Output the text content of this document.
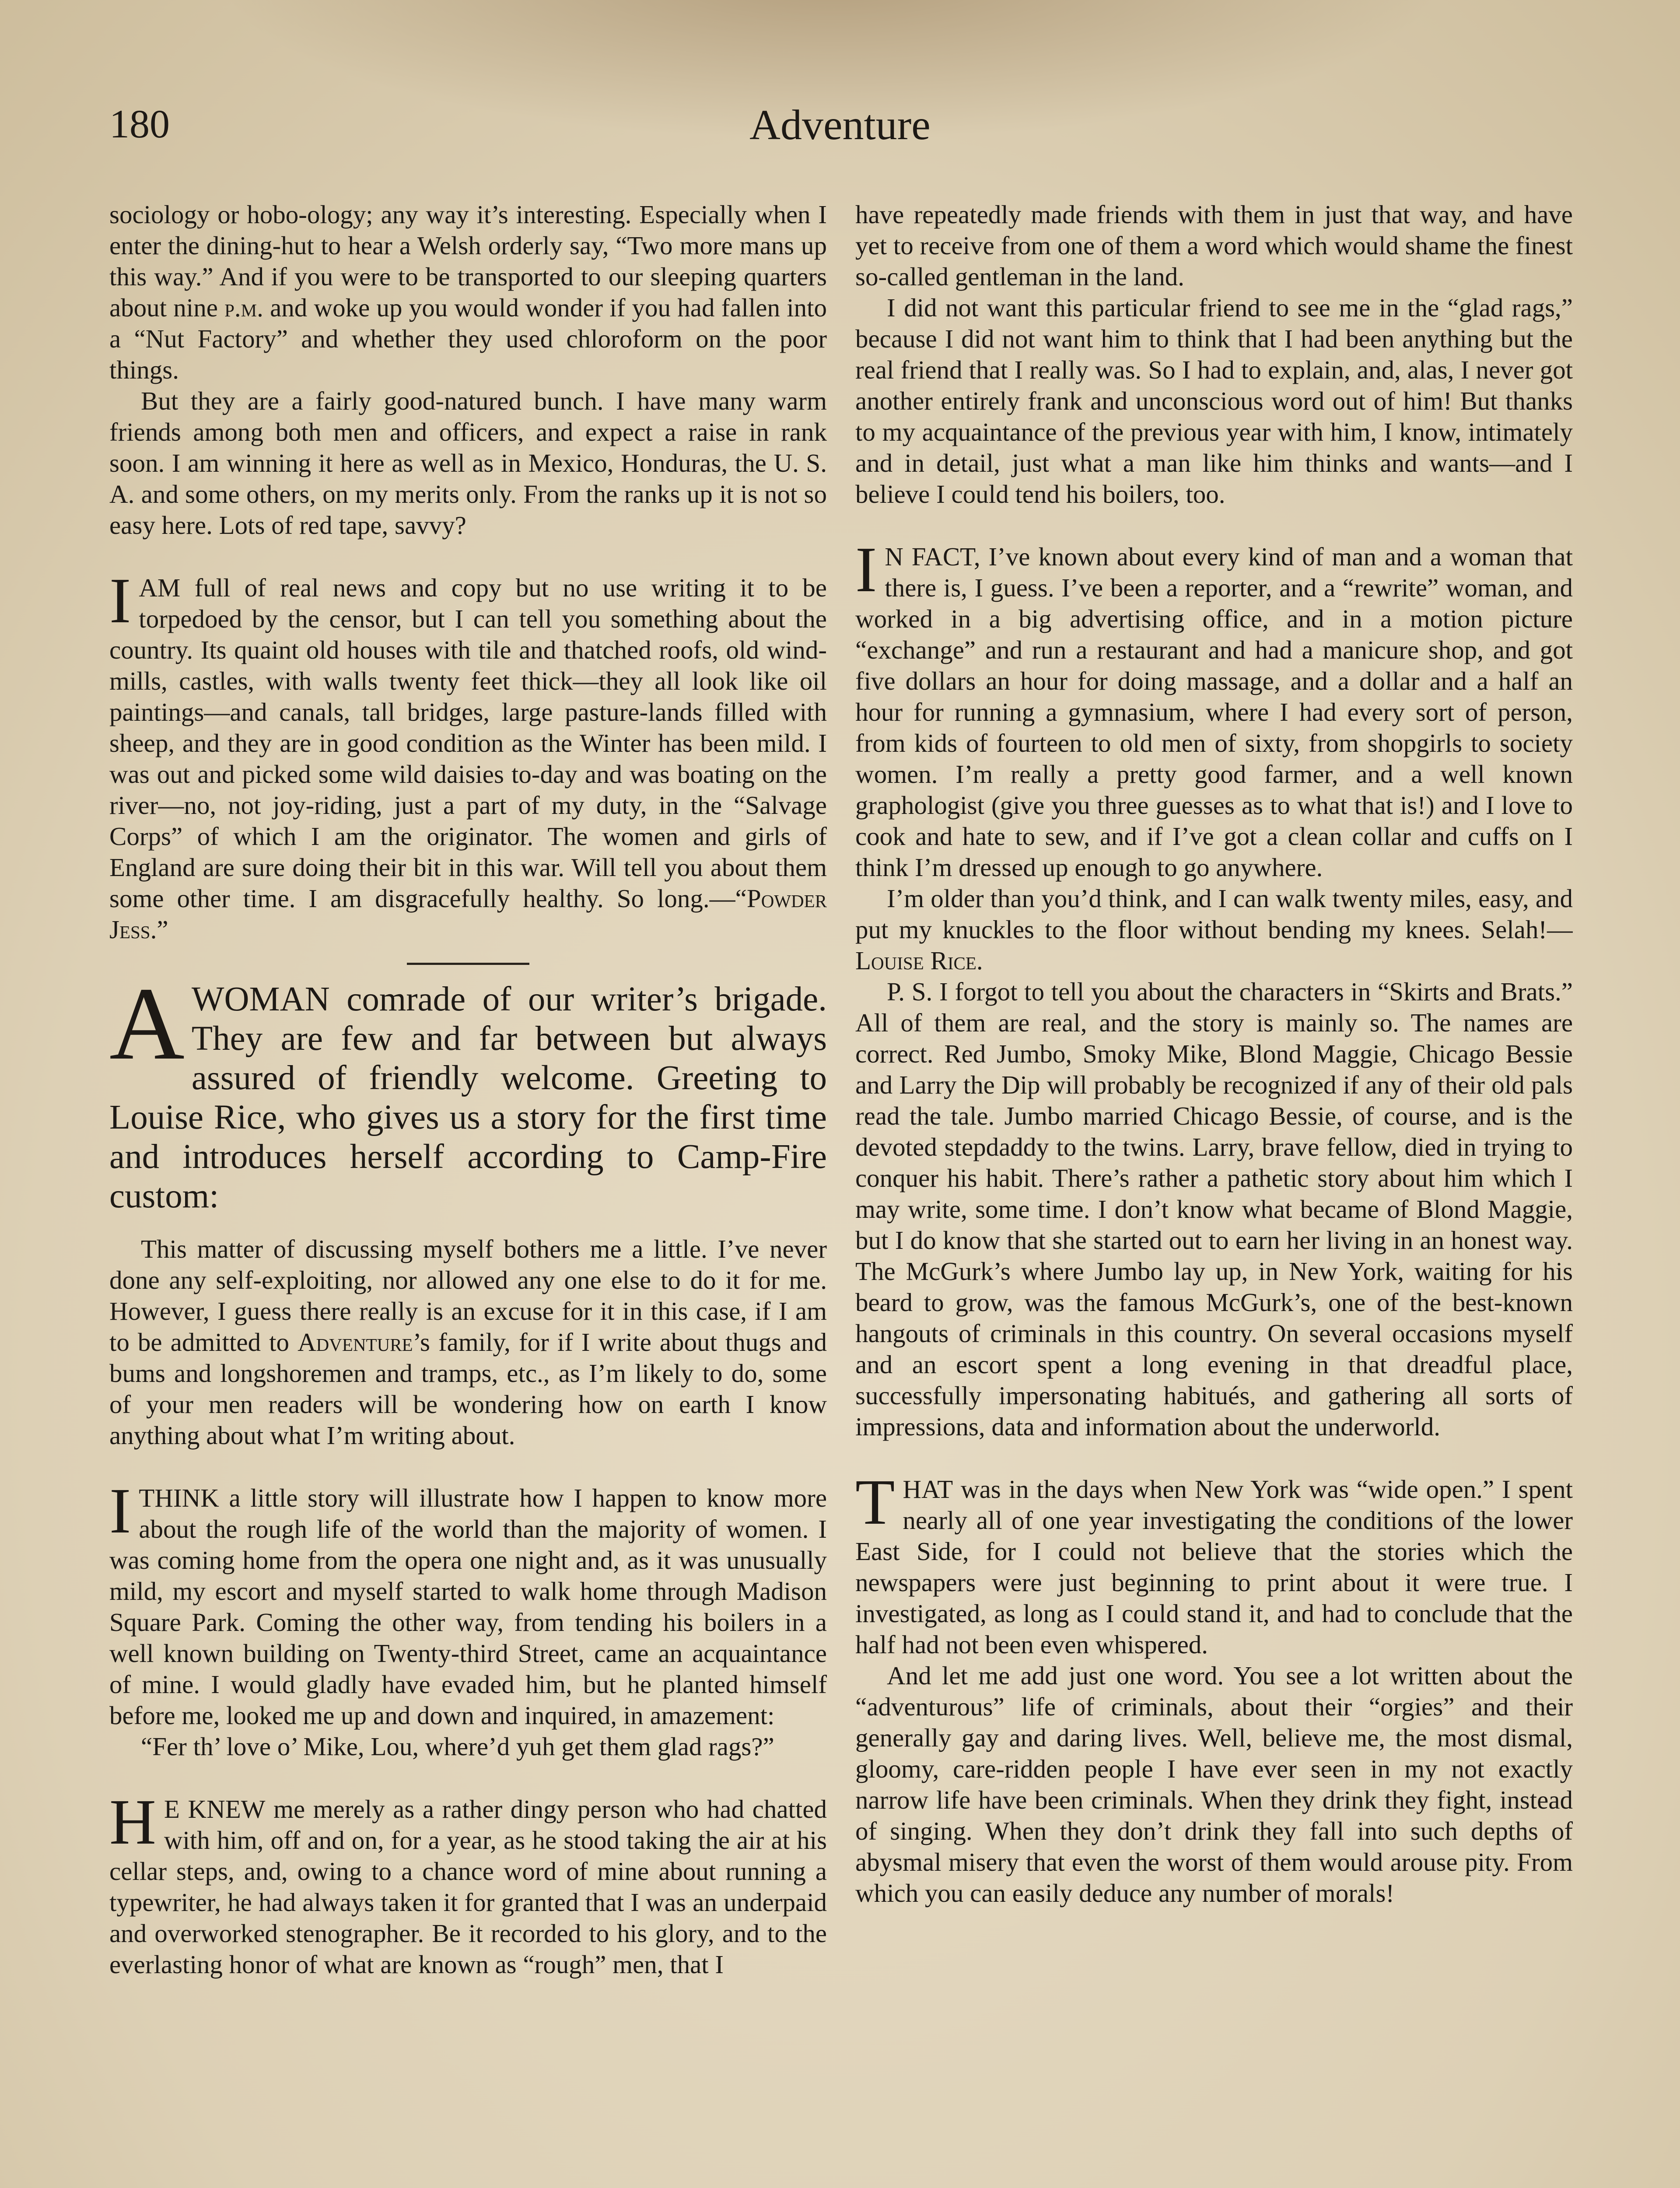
180	Adventure

sociology or hobo-ology; any way it’s interesting. Especially when I enter the dining-hut to hear a Welsh orderly say, “Two more mans up this way.” And if you were to be transported to our sleeping quarters about nine p.m. and woke up you would wonder if you had fallen into a “Nut Factory” and whether they used chloroform on the poor things.

But they are a fairly good-natured bunch. I have many warm friends among both men and officers, and expect a raise in rank soon. I am winning it here as well as in Mexico, Honduras, the U. S. A. and some others, on my merits only. From the ranks up it is not so easy here. Lots of red tape, savvy?

IAM full of real news and copy but no use writing it to be torpedoed by the censor, but I can tell you something about the country. Its quaint old houses with tile and thatched roofs, old wind-mills, castles, with walls twenty feet thick—they all look like oil paintings—and canals, tall bridges, large pasture-lands filled with sheep, and they are in good condition as the Winter has been mild. I was out and picked some wild daisies to-day and was boating on the river—no, not joy-riding, just a part of my duty, in the “Salvage Corps” of which I am the originator. The women and girls of England are sure doing their bit in this war. Will tell you about them some other time. I am disgracefully healthy. So long.—“Powder Jess.”

AWOMAN comrade of our writer’s brigade. They are few and far between but always assured of friendly welcome. Greeting to Louise Rice, who gives us a story for the first time and introduces herself according to Camp-Fire custom:

This matter of discussing myself bothers me a little. I’ve never done any self-exploiting, nor allowed any one else to do it for me. However, I guess there really is an excuse for it in this case, if I am to be admitted to Adventure’s family, for if I write about thugs and bums and longshoremen and tramps, etc., as I’m likely to do, some of your men readers will be wondering how on earth I know anything about what I’m writing about.

ITHINK a little story will illustrate how I happen to know more about the rough life of the world than the majority of women. I was coming home from the opera one night and, as it was unusually mild, my escort and myself started to walk home through Madison Square Park. Coming the other way, from tending his boilers in a well known building on Twenty-third Street, came an acquaintance of mine. I would gladly have evaded him, but he planted himself before me, looked me up and down and inquired, in amazement:

“Fer th’ love o’ Mike, Lou, where’d yuh get them glad rags?”

H E KNEW me merely as a rather dingy person who had chatted with him, off and on, for a year, as he stood taking the air at his cellar steps, and, owing to a chance word of mine about running a typewriter, he had always taken it for granted that I was an underpaid and overworked stenographer. Be it recorded to his glory, and to the everlasting honor of what are known as “rough” men, that I

have repeatedly made friends with them in just that way, and have yet to receive from one of them a word which would shame the finest so-called gentleman in the land.

I did not want this particular friend to see me in the “glad rags,” because I did not want him to think that I had been anything but the real friend that I really was. So I had to explain, and, alas, I never got another entirely frank and unconscious word out of him! But thanks to my acquaintance of the previous year with him, I know, intimately and in detail, just what a man like him thinks and wants—and I believe I could tend his boilers, too.

I N FACT, I’ve known about every kind of man and a woman that there is, I guess. I’ve been a reporter, and a “rewrite” woman, and worked in a big advertising office, and in a motion picture “exchange” and run a restaurant and had a manicure shop, and got five dollars an hour for doing massage, and a dollar and a half an hour for running a gymnasium, where I had every sort of person, from kids of fourteen to old men of sixty, from shopgirls to society women. I’m really a pretty good farmer, and a well known graphologist (give you three guesses as to what that is!) and I love to cook and hate to sew, and if I’ve got a clean collar and cuffs on I think I’m dressed up enough to go anywhere.

I’m older than you’d think, and I can walk twenty miles, easy, and put my knuckles to the floor without bending my knees. Selah!—Louise Rice.

P. S. I forgot to tell you about the characters in “Skirts and Brats.” All of them are real, and the story is mainly so. The names are correct. Red Jumbo, Smoky Mike, Blond Maggie, Chicago Bessie and Larry the Dip will probably be recognized if any of their old pals read the tale. Jumbo married Chicago Bessie, of course, and is the devoted stepdaddy to the twins. Larry, brave fellow, died in trying to conquer his habit. There’s rather a pathetic story about him which I may write, some time. I don’t know what became of Blond Maggie, but I do know that she started out to earn her living in an honest way. The McGurk’s where Jumbo lay up, in New York, waiting for his beard to grow, was the famous McGurk’s, one of the best-known hangouts of criminals in this country. On several occasions myself and an escort spent a long evening in that dreadful place, successfully impersonating habitués, and gathering all sorts of impressions, data and information about the underworld.

THAT was in the days when New York was “wide open.” I spent nearly all of one year investigating the conditions of the lower East Side, for I could not believe that the stories which the newspapers were just beginning to print about it were true. I investigated, as long as I could stand it, and had to conclude that the half had not been even whispered.

And let me add just one word. You see a lot written about the “adventurous” life of criminals, about their “orgies” and their generally gay and daring lives. Well, believe me, the most dismal, gloomy, care-ridden people I have ever seen in my not exactly narrow life have been criminals. When they drink they fight, instead of singing. When they don’t drink they fall into such depths of abysmal misery that even the worst of them would arouse pity. From which you can easily deduce any number of morals!
